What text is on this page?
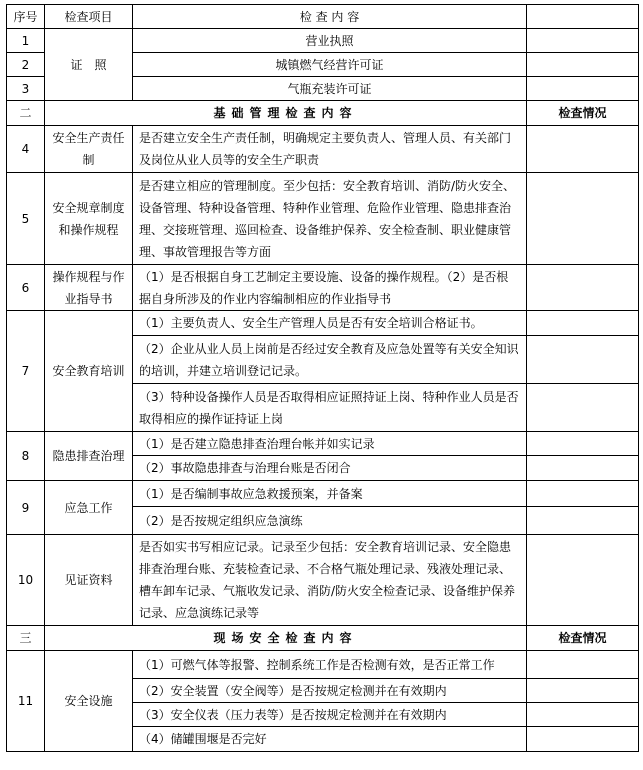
序号	检查项目	检 查 内 容	
1	证　照	营业执照	
2		城镇燃气经营许可证	
3		气瓶充装许可证	
二	基础管理检查内容		检查情况
4	安全生产责任制	是否建立安全生产责任制，明确规定主要负责人、管理人员、有关部门及岗位从业人员等的安全生产职责	
5	安全规章制度和操作规程	是否建立相应的管理制度。至少包括：安全教育培训、消防/防火安全、设备管理、特种设备管理、特种作业管理、危险作业管理、隐患排查治理、交接班管理、巡回检查、设备维护保养、安全检查制、职业健康管理、事故管理报告等方面	
6	操作规程与作业指导书	（1）是否根据自身工艺制定主要设施、设备的操作规程。（2）是否根据自身所涉及的作业内容编制相应的作业指导书	
7	安全教育培训	（1）主要负责人、安全生产管理人员是否有安全培训合格证书。	
		（2）企业从业人员上岗前是否经过安全教育及应急处置等有关安全知识的培训，并建立培训登记记录。	
		（3）特种设备操作人员是否取得相应证照持证上岗、特种作业人员是否取得相应的操作证持证上岗	
8	隐患排查治理	（1）是否建立隐患排查治理台帐并如实记录	
		（2）事故隐患排查与治理台账是否闭合	
9	应急工作	（1）是否编制事故应急救援预案，并备案	
		（2）是否按规定组织应急演练	
10	见证资料	是否如实书写相应记录。记录至少包括：安全教育培训记录、安全隐患排查治理台账、充装检查记录、不合格气瓶处理记录、残液处理记录、槽车卸车记录、气瓶收发记录、消防/防火安全检查记录、设备维护保养记录、应急演练记录等	
三	现场安全检查内容		检查情况
11	安全设施	（1）可燃气体等报警、控制系统工作是否检测有效，是否正常工作	
		（2）安全装置（安全阀等）是否按规定检测并在有效期内	
		（3）安全仪表（压力表等）是否按规定检测并在有效期内	
		（4）储罐围堰是否完好	
